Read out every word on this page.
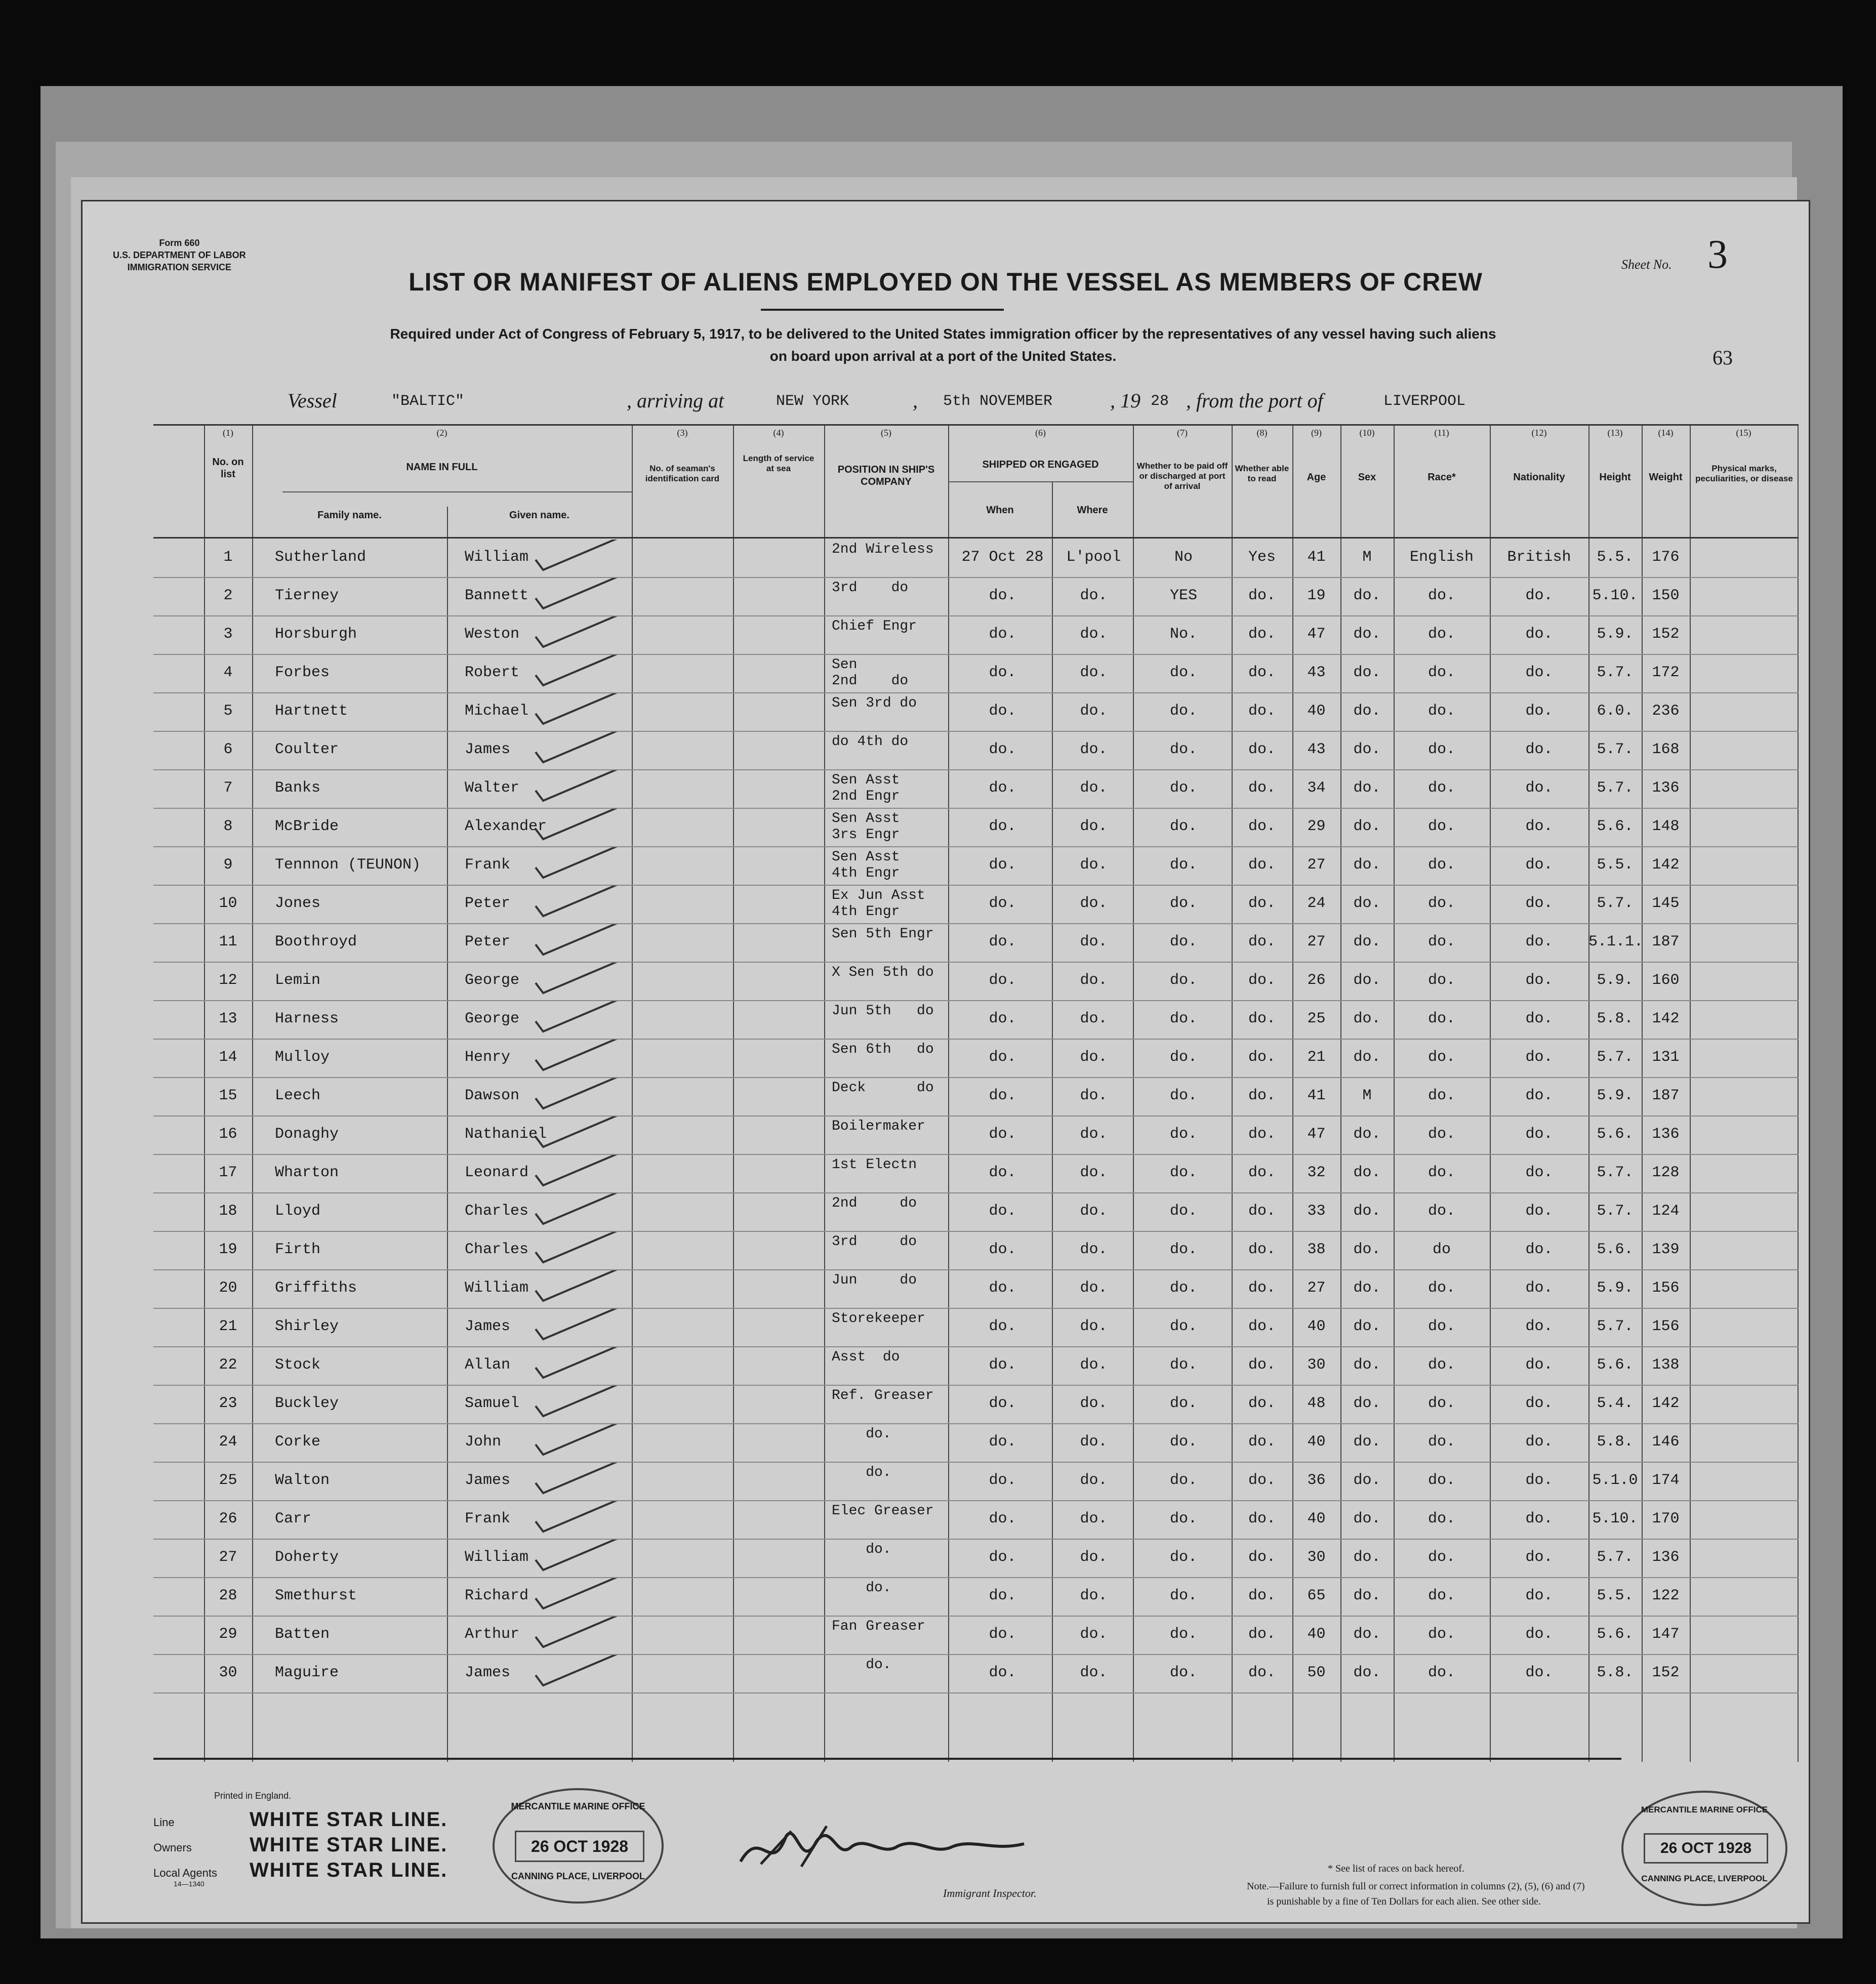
Form 660
U.S. DEPARTMENT OF LABOR
IMMIGRATION SERVICE	Sheet No. 3
63
LIST OR MANIFEST OF ALIENS EMPLOYED ON THE VESSEL AS MEMBERS OF CREW
Required under Act of Congress of February 5, 1917, to be delivered to the United States immigration officer by the representatives of any vessel having such aliens
on board upon arrival at a port of the United States.
Vessel	"BALTIC"	, arriving at	NEW YORK	, 5th NOVEMBER	, 19 28 , from the port of	LIVERPOOL
(1)	(2)	(3)	(4)	(5)	(6)	(7)	(8)	(9)	(10)	(11)	(12)	(13)	(14)	(15)
No. on list
NAME IN FULL
Family name.	Given name.
No. of seaman's identification card
Length of service at sea	POSITION IN SHIP'S COMPANY
SHIPPED OR ENGAGED
When	Where
Whether to be paid off or discharged at port of arrival
Whether able to read	Age	Sex	Race*	Nationality	Height	Weight
Physical marks, peculiarities, or disease
1	Sutherland	William	2nd Wireless	27 Oct 28	L'pool	No	Yes	41	M	English	British	5.5.	176
2	Tierney	Bannett	3rd    do	do.	do.	YES	do.	19	do.	do.	do.	5.10. 150
3	Horsburgh	Weston	Chief Engr	do.	do.	No.	do.	47	do.	do.	do.	5.9.	152
4	Forbes	Robert	Sen
2nd    do	do.	do.	do.	do.	43	do.	do.	do.	5.7.	172
5	Hartnett	Michael	Sen 3rd do	do.	do.	do.	do.	40	do.	do.	do.	6.0.	236
6	Coulter	James	do 4th do	do.	do.	do.	do.	43	do.	do.	do.	5.7.	168
7	Banks	Walter	Sen Asst
2nd Engr	do.	do.	do.	do.	34	do.	do.	do.	5.7.	136
8	McBride	Alexander	Sen Asst
3rs Engr	do.	do.	do.	do.	29	do.	do.	do.	5.6.	148
9	Tennnon (TEUNON)	Frank	Sen Asst
4th Engr	do.	do.	do.	do.	27	do.	do.	do.	5.5.	142
10	Jones	Peter	Ex Jun Asst
4th Engr	do.	do.	do.	do.	24	do.	do.	do.	5.7.	145
11	Boothroyd	Peter	Sen 5th Engr	do.	do.	do.	do.	27	do.	do.	do.	5.1.1. 187
12	Lemin	George	X Sen 5th do	do.	do.	do.	do.	26	do.	do.	do.	5.9.	160
13	Harness	George	Jun 5th   do	do.	do.	do.	do.	25	do.	do.	do.	5.8.	142
14	Mulloy	Henry	Sen 6th   do	do.	do.	do.	do.	21	do.	do.	do.	5.7.	131
15	Leech	Dawson	Deck      do	do.	do.	do.	do.	41	M	do.	do.	5.9.	187
16	Donaghy	Nathaniel	Boilermaker	do.	do.	do.	do.	47	do.	do.	do.	5.6.	136
17	Wharton	Leonard	1st Electn	do.	do.	do.	do.	32	do.	do.	do.	5.7.	128
18	Lloyd	Charles	2nd     do	do.	do.	do.	do.	33	do.	do.	do.	5.7.	124
19	Firth	Charles	3rd     do	do.	do.	do.	do.	38	do.	do	do.	5.6.	139
20	Griffiths	William	Jun     do	do.	do.	do.	do.	27	do.	do.	do.	5.9.	156
21	Shirley	James	Storekeeper	do.	do.	do.	do.	40	do.	do.	do.	5.7.	156
22	Stock	Allan	Asst  do	do.	do.	do.	do.	30	do.	do.	do.	5.6.	138
23	Buckley	Samuel	Ref. Greaser	do.	do.	do.	do.	48	do.	do.	do.	5.4.	142
24	Corke	John	do.	do.	do.	do.	do.	40	do.	do.	do.	5.8.	146
25	Walton	James	do.	do.	do.	do.	do.	36	do.	do.	do.	5.1.0 174
26	Carr	Frank	Elec Greaser	do.	do.	do.	do.	40	do.	do.	do.	5.10. 170
27	Doherty	William	do.	do.	do.	do.	do.	30	do.	do.	do.	5.7.	136
28	Smethurst	Richard	do.	do.	do.	do.	do.	65	do.	do.	do.	5.5.	122
29	Batten	Arthur	Fan Greaser	do.	do.	do.	do.	40	do.	do.	do.	5.6.	147
30	Maguire	James	do.	do.	do.	do.	do.	50	do.	do.	do.	5.8.	152
Printed in England.
Line
Owners
Local Agents
14—1340
WHITE STAR LINE.
WHITE STAR LINE.
WHITE STAR LINE.
MERCANTILE MARINE OFFICE
26 OCT 1928
CANNING PLACE, LIVERPOOL
Immigrant Inspector.
* See list of races on back hereof.
Note.—Failure to furnish full or correct information in columns (2), (5), (6) and (7)
is punishable by a fine of Ten Dollars for each alien. See other side.
MERCANTILE MARINE OFFICE
26 OCT 1928
CANNING PLACE, LIVERPOOL
